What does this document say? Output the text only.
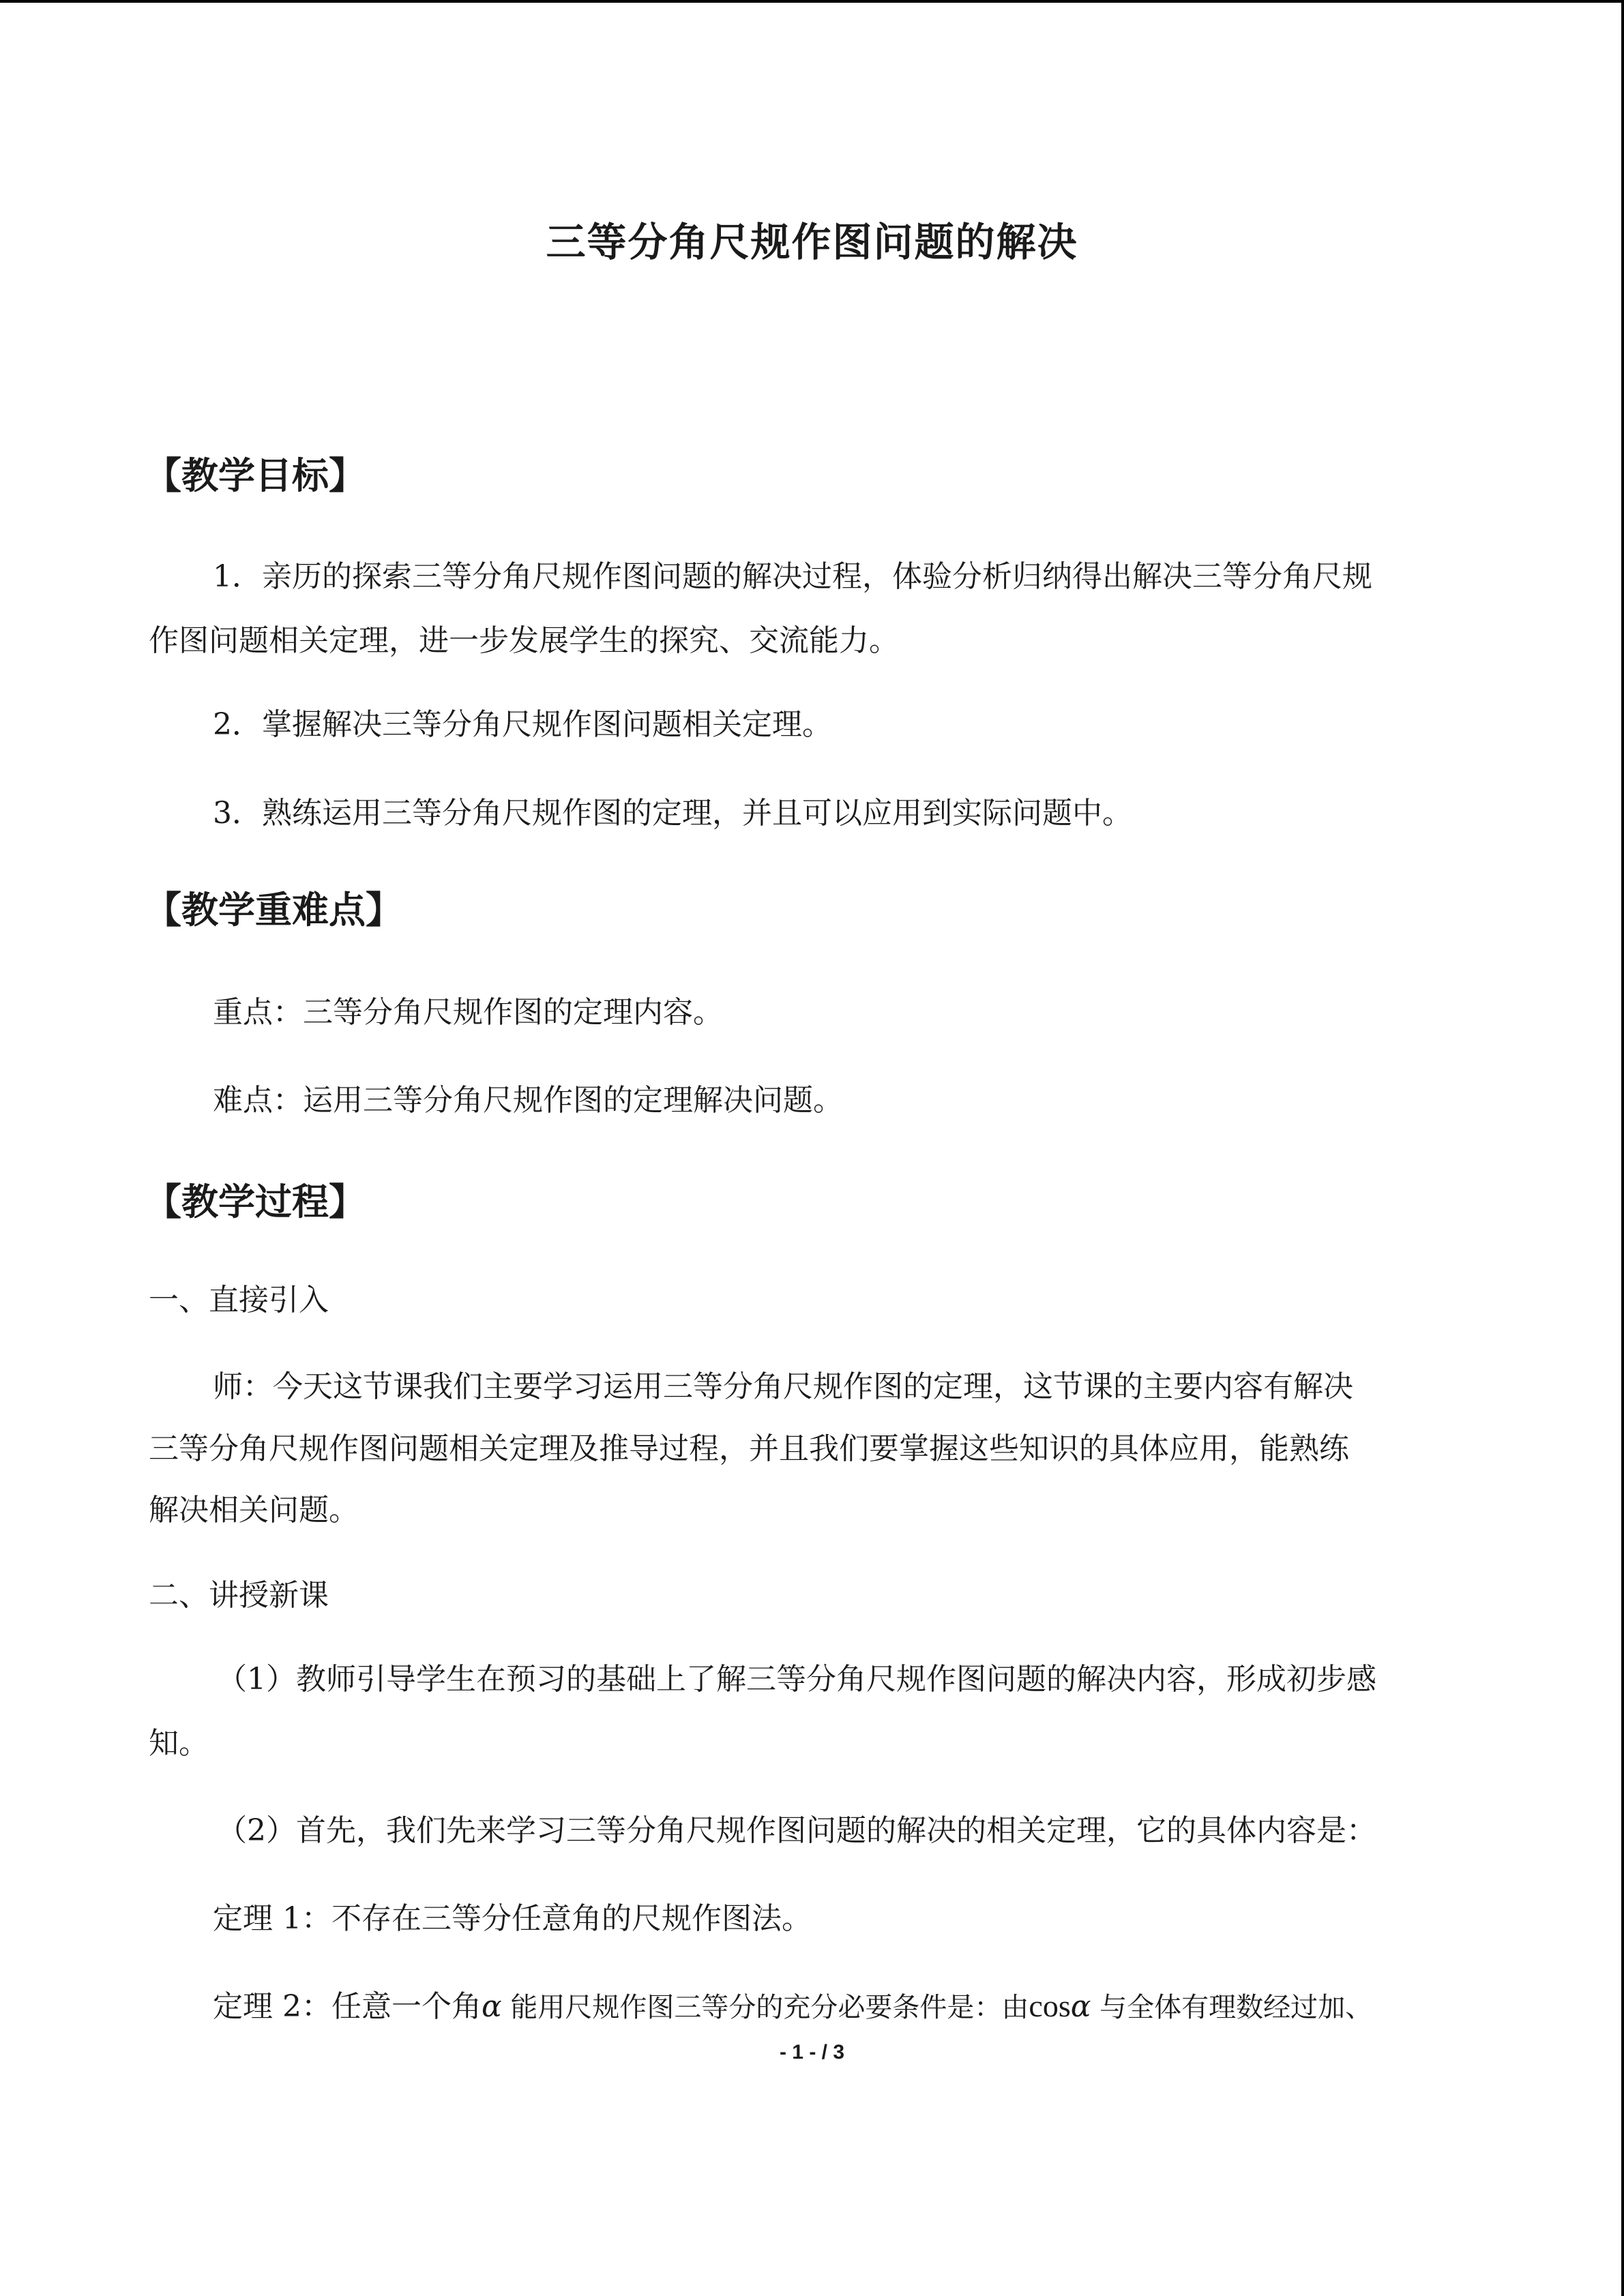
三等分角尺规作图问题的解决
【教学目标】
1．亲历的探索三等分角尺规作图问题的解决过程，体验分析归纳得出解决三等分角尺规
作图问题相关定理，进一步发展学生的探究、交流能力。
2．掌握解决三等分角尺规作图问题相关定理。
3．熟练运用三等分角尺规作图的定理，并且可以应用到实际问题中。
【教学重难点】
重点：三等分角尺规作图的定理内容。
难点：运用三等分角尺规作图的定理解决问题。
【教学过程】
一、直接引入
师：今天这节课我们主要学习运用三等分角尺规作图的定理，这节课的主要内容有解决
三等分角尺规作图问题相关定理及推导过程，并且我们要掌握这些知识的具体应用，能熟练
解决相关问题。
二、讲授新课
（1）教师引导学生在预习的基础上了解三等分角尺规作图问题的解决内容，形成初步感
知。
（2）首先，我们先来学习三等分角尺规作图问题的解决的相关定理，它的具体内容是：
定理 1：不存在三等分任意角的尺规作图法。
定理 2：任意一个角α 能用尺规作图三等分的充分必要条件是：由cosα 与全体有理数经过加、
- 1 - / 3
